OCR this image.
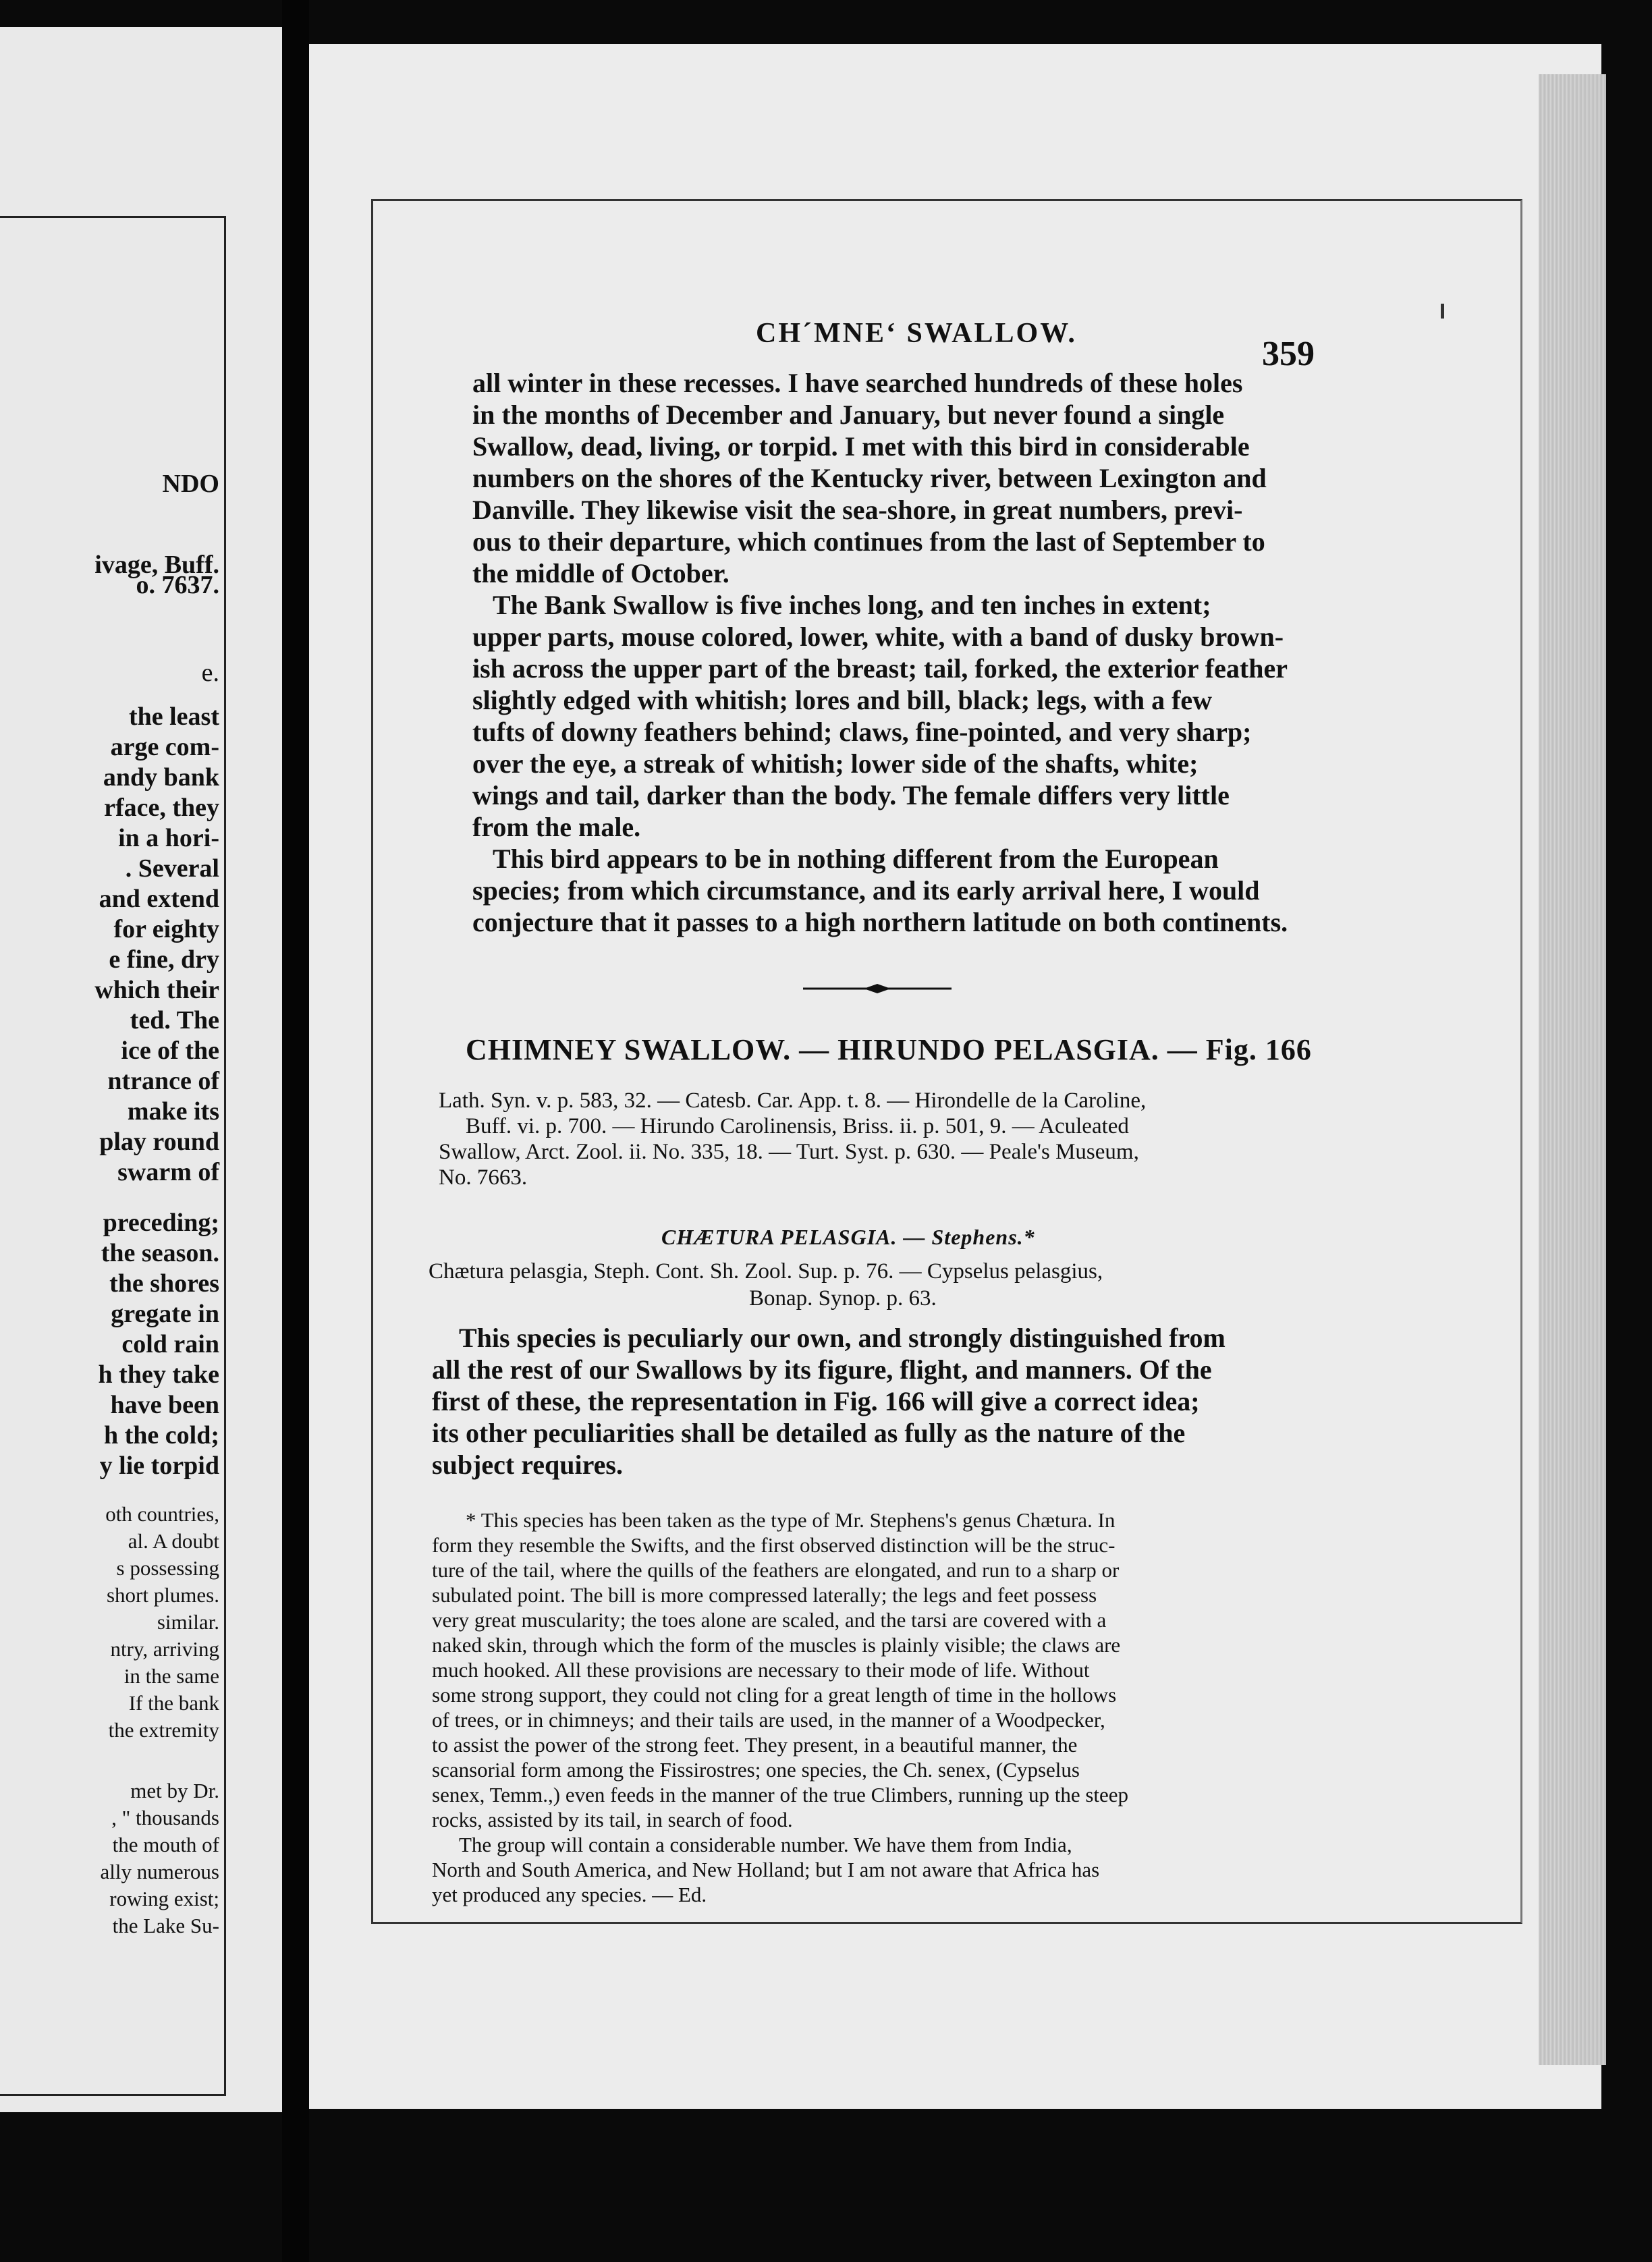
NDO
ivage, Buff.
o. 7637.
e.
the least
arge com-
andy bank
rface, they
in a hori-
. Several
and extend
for eighty
e fine, dry
which their
ted. The
ice of the
ntrance of
make its
play round
swarm of
preceding;
the season.
the shores
gregate in
cold rain
h they take
have been
h the cold;
y lie torpid
oth countries,
al. A doubt
s possessing
short plumes.
similar.
ntry, arriving
in the same
If the bank
the extremity
met by Dr.
, " thousands
the mouth of
ally numerous
rowing exist;
the Lake Su-
CH´MNEʻ SWALLOW.
359
all winter in these recesses. I have searched hundreds of these holes
in the months of December and January, but never found a single
Swallow, dead, living, or torpid. I met with this bird in considerable
numbers on the shores of the Kentucky river, between Lexington and
Danville. They likewise visit the sea-shore, in great numbers, previ-
ous to their departure, which continues from the last of September to
the middle of October.
The Bank Swallow is five inches long, and ten inches in extent;
upper parts, mouse colored, lower, white, with a band of dusky brown-
ish across the upper part of the breast; tail, forked, the exterior feather
slightly edged with whitish; lores and bill, black; legs, with a few
tufts of downy feathers behind; claws, fine-pointed, and very sharp;
over the eye, a streak of whitish; lower side of the shafts, white;
wings and tail, darker than the body. The female differs very little
from the male.
This bird appears to be in nothing different from the European
species; from which circumstance, and its early arrival here, I would
conjecture that it passes to a high northern latitude on both continents.
CHIMNEY SWALLOW. — HIRUNDO PELASGIA. — Fig. 166
Lath. Syn. v. p. 583, 32. — Catesb. Car. App. t. 8. — Hirondelle de la Caroline,
Buff. vi. p. 700. — Hirundo Carolinensis, Briss. ii. p. 501, 9. — Aculeated
Swallow, Arct. Zool. ii. No. 335, 18. — Turt. Syst. p. 630. — Peale's Museum,
No. 7663.
CHÆTURA PELASGIA. — Stephens.*
Chætura pelasgia, Steph. Cont. Sh. Zool. Sup. p. 76. — Cypselus pelasgius,
Bonap. Synop. p. 63.
This species is peculiarly our own, and strongly distinguished from
all the rest of our Swallows by its figure, flight, and manners. Of the
first of these, the representation in Fig. 166 will give a correct idea;
its other peculiarities shall be detailed as fully as the nature of the
subject requires.
* This species has been taken as the type of Mr. Stephens's genus Chætura. In
form they resemble the Swifts, and the first observed distinction will be the struc-
ture of the tail, where the quills of the feathers are elongated, and run to a sharp or
subulated point. The bill is more compressed laterally; the legs and feet possess
very great muscularity; the toes alone are scaled, and the tarsi are covered with a
naked skin, through which the form of the muscles is plainly visible; the claws are
much hooked. All these provisions are necessary to their mode of life. Without
some strong support, they could not cling for a great length of time in the hollows
of trees, or in chimneys; and their tails are used, in the manner of a Woodpecker,
to assist the power of the strong feet. They present, in a beautiful manner, the
scansorial form among the Fissirostres; one species, the Ch. senex, (Cypselus
senex, Temm.,) even feeds in the manner of the true Climbers, running up the steep
rocks, assisted by its tail, in search of food.
The group will contain a considerable number. We have them from India,
North and South America, and New Holland; but I am not aware that Africa has
yet produced any species. — Ed.
